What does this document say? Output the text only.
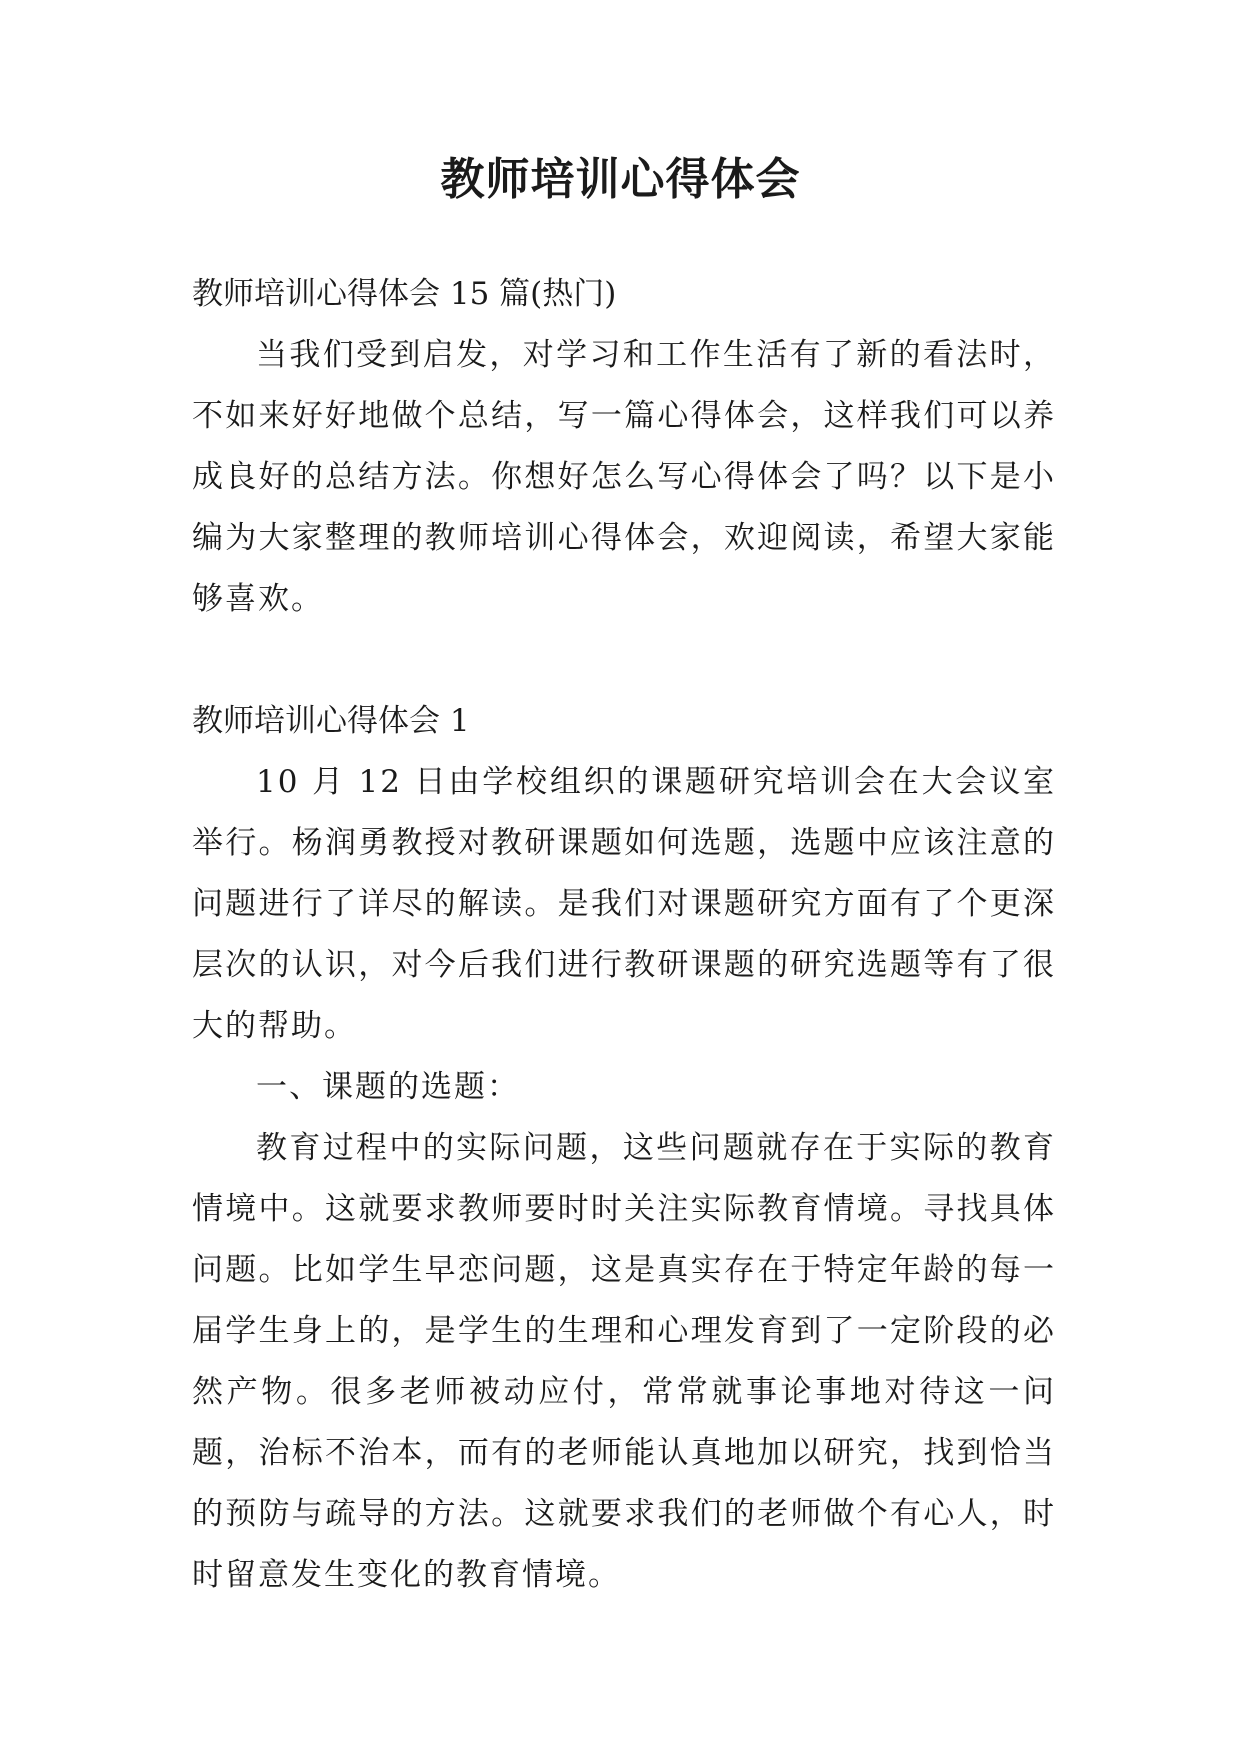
教师培训心得体会

教师培训心得体会 15 篇(热门)

当我们受到启发，对学习和工作生活有了新的看法时，不如来好好地做个总结，写一篇心得体会，这样我们可以养成良好的总结方法。你想好怎么写心得体会了吗？以下是小编为大家整理的教师培训心得体会，欢迎阅读，希望大家能够喜欢。

教师培训心得体会 1

10 月 12 日由学校组织的课题研究培训会在大会议室举行。杨润勇教授对教研课题如何选题，选题中应该注意的问题进行了详尽的解读。是我们对课题研究方面有了个更深层次的认识，对今后我们进行教研课题的研究选题等有了很大的帮助。

一、课题的选题：

教育过程中的实际问题，这些问题就存在于实际的教育情境中。这就要求教师要时时关注实际教育情境。寻找具体问题。比如学生早恋问题，这是真实存在于特定年龄的每一届学生身上的，是学生的生理和心理发育到了一定阶段的必然产物。很多老师被动应付，常常就事论事地对待这一问题，治标不治本，而有的老师能认真地加以研究，找到恰当的预防与疏导的方法。这就要求我们的老师做个有心人，时时留意发生变化的教育情境。
